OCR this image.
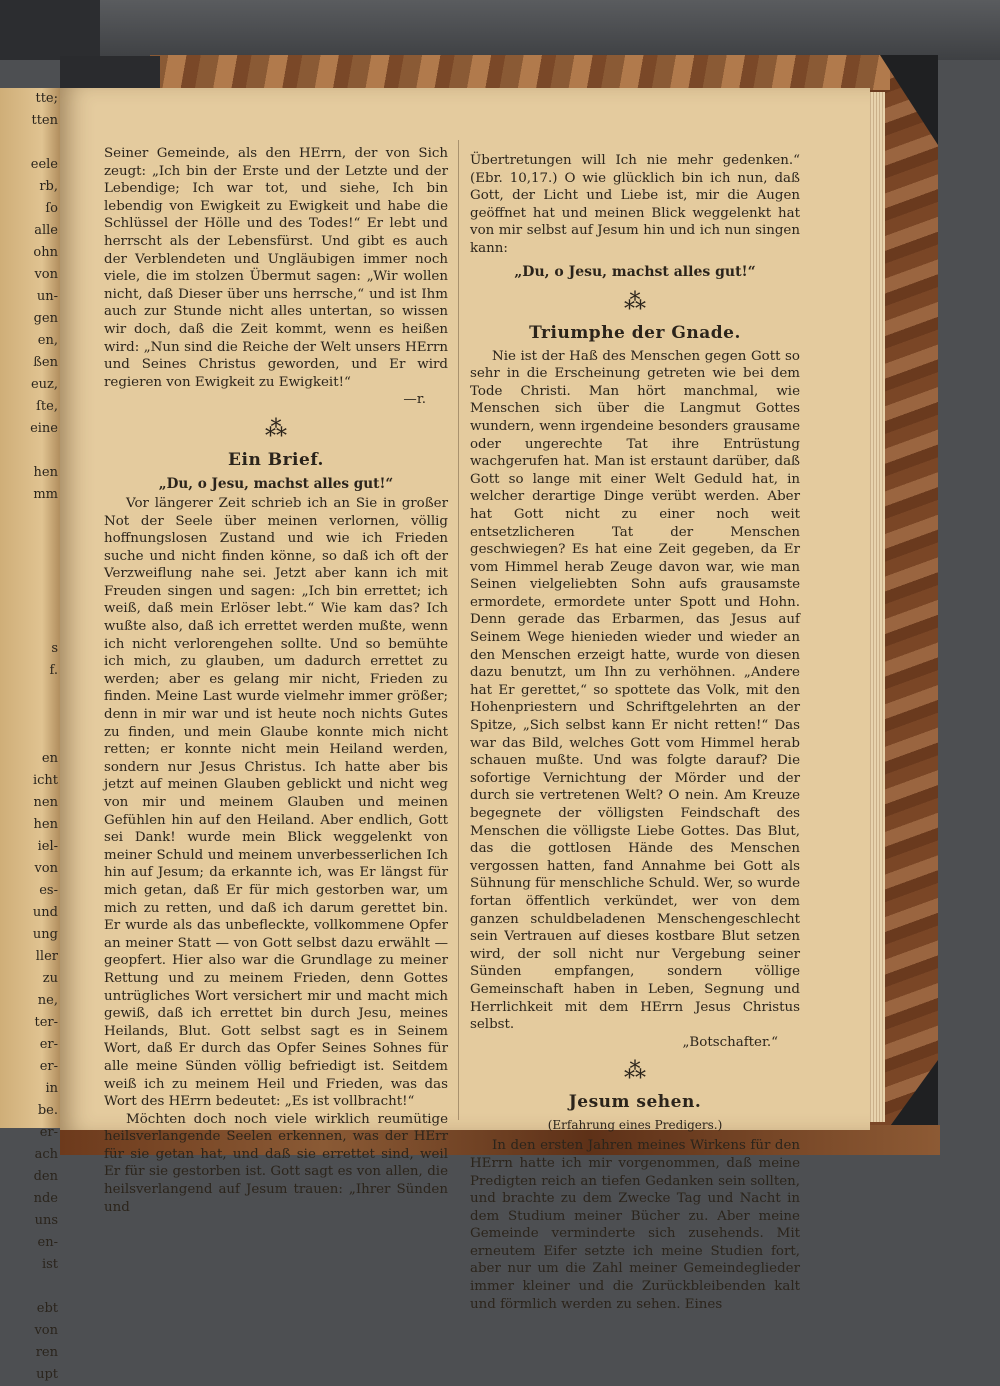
tte;
tten

eele
rb,
ſo
alle
ohn
von
un-
gen
en,
ßen
euz,
ſte,
eine

hen
mm

s
f.

en
icht
nen
hen
iel-
von
es-
und
ung
ller
zu
ne,
ter-
er-
er-
in
be.
er-
ach
den
nde
uns
en-
ist

ebt
von
ren
upt

Seiner Gemeinde, als den HErrn, der von Sich zeugt: „Ich bin der Erste und der Letzte und der Lebendige; Ich war tot, und siehe, Ich bin lebendig von Ewigkeit zu Ewigkeit und habe die Schlüssel der Hölle und des Todes!“ Er lebt und herrscht als der Lebensfürst. Und gibt es auch der Verblendeten und Ungläubigen immer noch viele, die im stolzen Übermut sagen: „Wir wollen nicht, daß Dieser über uns herrsche,“ und ist Ihm auch zur Stunde nicht alles untertan, so wissen wir doch, daß die Zeit kommt, wenn es heißen wird: „Nun sind die Reiche der Welt unsers HErrn und Seines Christus geworden, und Er wird regieren von Ewigkeit zu Ewigkeit!“

—r.

⁂
Ein Brief.
„Du, o Jesu, machst alles gut!“

Vor längerer Zeit schrieb ich an Sie in großer Not der Seele über meinen verlornen, völlig hoffnungslosen Zustand und wie ich Frieden suche und nicht finden könne, so daß ich oft der Verzweiflung nahe sei. Jetzt aber kann ich mit Freuden singen und sagen: „Ich bin errettet; ich weiß, daß mein Erlöser lebt.“ Wie kam das? Ich wußte also, daß ich errettet werden mußte, wenn ich nicht verlorengehen sollte. Und so bemühte ich mich, zu glauben, um dadurch errettet zu werden; aber es gelang mir nicht, Frieden zu finden. Meine Last wurde vielmehr immer größer; denn in mir war und ist heute noch nichts Gutes zu finden, und mein Glaube konnte mich nicht retten; er konnte nicht mein Heiland werden, sondern nur Jesus Christus. Ich hatte aber bis jetzt auf meinen Glauben geblickt und nicht weg von mir und meinem Glauben und meinen Gefühlen hin auf den Heiland. Aber endlich, Gott sei Dank! wurde mein Blick weggelenkt von meiner Schuld und meinem unverbesserlichen Ich hin auf Jesum; da erkannte ich, was Er längst für mich getan, daß Er für mich gestorben war, um mich zu retten, und daß ich darum gerettet bin. Er wurde als das unbefleckte, vollkommene Opfer an meiner Statt — von Gott selbst dazu erwählt — geopfert. Hier also war die Grundlage zu meiner Rettung und zu meinem Frieden, denn Gottes untrügliches Wort versichert mir und macht mich gewiß, daß ich errettet bin durch Jesu, meines Heilands, Blut. Gott selbst sagt es in Seinem Wort, daß Er durch das Opfer Seines Sohnes für alle meine Sünden völlig befriedigt ist. Seitdem weiß ich zu meinem Heil und Frieden, was das Wort des HErrn bedeutet: „Es ist vollbracht!“

Möchten doch noch viele wirklich reumütige heilsverlangende Seelen erkennen, was der HErr für sie getan hat, und daß sie errettet sind, weil Er für sie gestorben ist. Gott sagt es von allen, die heilsverlangend auf Jesum trauen: „Ihrer Sünden und

Übertretungen will Ich nie mehr gedenken.“ (Ebr. 10,17.) O wie glücklich bin ich nun, daß Gott, der Licht und Liebe ist, mir die Augen geöffnet hat und meinen Blick weggelenkt hat von mir selbst auf Jesum hin und ich nun singen kann:

„Du, o Jesu, machst alles gut!“
⁂
Triumphe der Gnade.

Nie ist der Haß des Menschen gegen Gott so sehr in die Erscheinung getreten wie bei dem Tode Christi. Man hört manchmal, wie Menschen sich über die Langmut Gottes wundern, wenn irgendeine besonders grausame oder ungerechte Tat ihre Entrüstung wachgerufen hat. Man ist erstaunt darüber, daß Gott so lange mit einer Welt Geduld hat, in welcher derartige Dinge verübt werden. Aber hat Gott nicht zu einer noch weit entsetzlicheren Tat der Menschen geschwiegen? Es hat eine Zeit gegeben, da Er vom Himmel herab Zeuge davon war, wie man Seinen vielgeliebten Sohn aufs grausamste ermordete, ermordete unter Spott und Hohn. Denn gerade das Erbarmen, das Jesus auf Seinem Wege hienieden wieder und wieder an den Menschen erzeigt hatte, wurde von diesen dazu benutzt, um Ihn zu verhöhnen. „Andere hat Er gerettet,“ so spottete das Volk, mit den Hohenpriestern und Schriftgelehrten an der Spitze, „Sich selbst kann Er nicht retten!“ Das war das Bild, welches Gott vom Himmel herab schauen mußte. Und was folgte darauf? Die sofortige Vernichtung der Mörder und der durch sie vertretenen Welt? O nein. Am Kreuze begegnete der völligsten Feindschaft des Menschen die völligste Liebe Gottes. Das Blut, das die gottlosen Hände des Menschen vergossen hatten, fand Annahme bei Gott als Sühnung für menschliche Schuld. Wer, so wurde fortan öffentlich verkündet, wer von dem ganzen schuldbeladenen Menschengeschlecht sein Vertrauen auf dieses kostbare Blut setzen wird, der soll nicht nur Vergebung seiner Sünden empfangen, sondern völlige Gemeinschaft haben in Leben, Segnung und Herrlichkeit mit dem HErrn Jesus Christus selbst.

„Botschafter.“

⁂
Jesum sehen.
(Erfahrung eines Predigers.)

In den ersten Jahren meines Wirkens für den HErrn hatte ich mir vorgenommen, daß meine Predigten reich an tiefen Gedanken sein sollten, und brachte zu dem Zwecke Tag und Nacht in dem Studium meiner Bücher zu. Aber meine Gemeinde verminderte sich zusehends. Mit erneutem Eifer setzte ich meine Studien fort, aber nur um die Zahl meiner Gemeindeglieder immer kleiner und die Zurückbleibenden kalt und förmlich werden zu sehen. Eines
